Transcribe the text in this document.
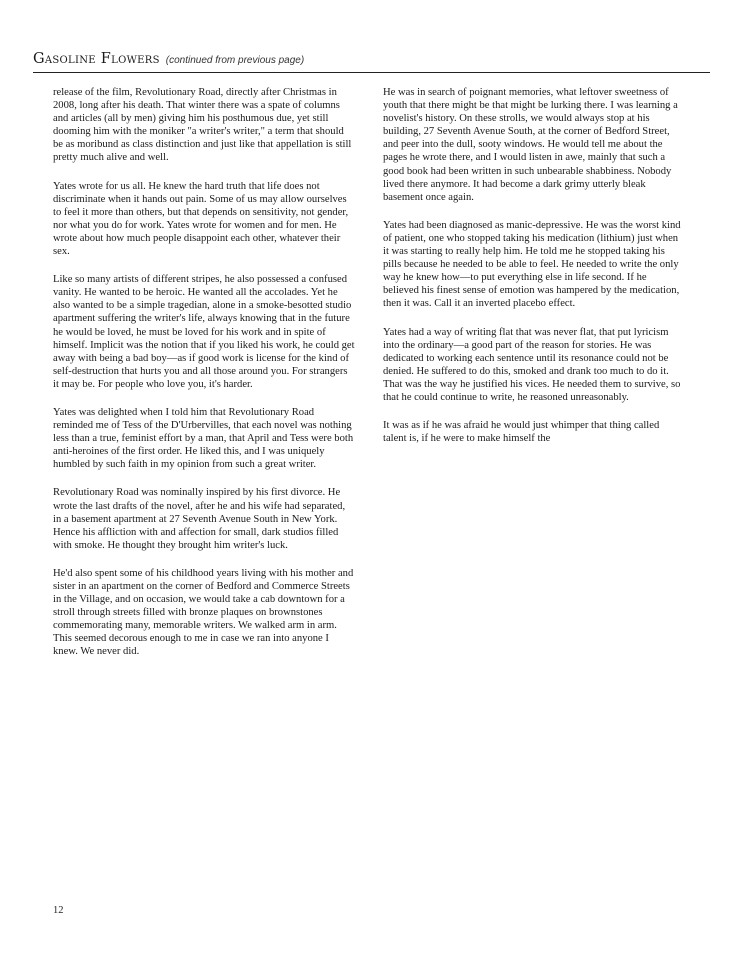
Gasoline Flowers (continued from previous page)

release of the film, Revolutionary Road, directly after Christmas in 2008, long after his death. That winter there was a spate of columns and articles (all by men) giving him his posthumous due, yet still dooming him with the moniker "a writer's writer," a term that should be as moribund as class distinction and just like that appellation is still pretty much alive and well.

Yates wrote for us all. He knew the hard truth that life does not discriminate when it hands out pain. Some of us may allow ourselves to feel it more than others, but that depends on sensitivity, not gender, nor what you do for work. Yates wrote for women and for men. He wrote about how much people disappoint each other, whatever their sex.

Like so many artists of different stripes, he also possessed a confused vanity. He wanted to be heroic. He wanted all the accolades. Yet he also wanted to be a simple tragedian, alone in a smoke-besotted studio apartment suffering the writer's life, always knowing that in the future he would be loved, he must be loved for his work and in spite of himself. Implicit was the notion that if you liked his work, he could get away with being a bad boy—as if good work is license for the kind of self-destruction that hurts you and all those around you. For strangers it may be. For people who love you, it's harder.

Yates was delighted when I told him that Revolutionary Road reminded me of Tess of the D'Urbervilles, that each novel was nothing less than a true, feminist effort by a man, that April and Tess were both anti-heroines of the first order. He liked this, and I was uniquely humbled by such faith in my opinion from such a great writer.

Revolutionary Road was nominally inspired by his first divorce. He wrote the last drafts of the novel, after he and his wife had separated, in a basement apartment at 27 Seventh Avenue South in New York. Hence his affliction with and affection for small, dark studios filled with smoke. He thought they brought him writer's luck.

He'd also spent some of his childhood years living with his mother and sister in an apartment on the corner of Bedford and Commerce Streets in the Village, and on occasion, we would take a cab downtown for a stroll through streets filled with bronze plaques on brownstones commemorating many, memorable writers. We walked arm in arm. This seemed decorous enough to me in case we ran into anyone I knew. We never did.

He was in search of poignant memories, what leftover sweetness of youth that there might be that might be lurking there. I was learning a novelist's history. On these strolls, we would always stop at his building, 27 Seventh Avenue South, at the corner of Bedford Street, and peer into the dull, sooty windows. He would tell me about the pages he wrote there, and I would listen in awe, mainly that such a good book had been written in such unbearable shabbiness. Nobody lived there anymore. It had become a dark grimy utterly bleak basement once again.

Yates had been diagnosed as manic-depressive. He was the worst kind of patient, one who stopped taking his medication (lithium) just when it was starting to really help him. He told me he stopped taking his pills because he needed to be able to feel. He needed to write the only way he knew how—to put everything else in life second. If he believed his finest sense of emotion was hampered by the medication, then it was. Call it an inverted placebo effect.

Yates had a way of writing flat that was never flat, that put lyricism into the ordinary—a good part of the reason for stories. He was dedicated to working each sentence until its resonance could not be denied. He suffered to do this, smoked and drank too much to do it. That was the way he justified his vices. He needed them to survive, so that he could continue to write, he reasoned unreasonably.

It was as if he was afraid he would just whimper that thing called talent is, if he were to make himself the

12
